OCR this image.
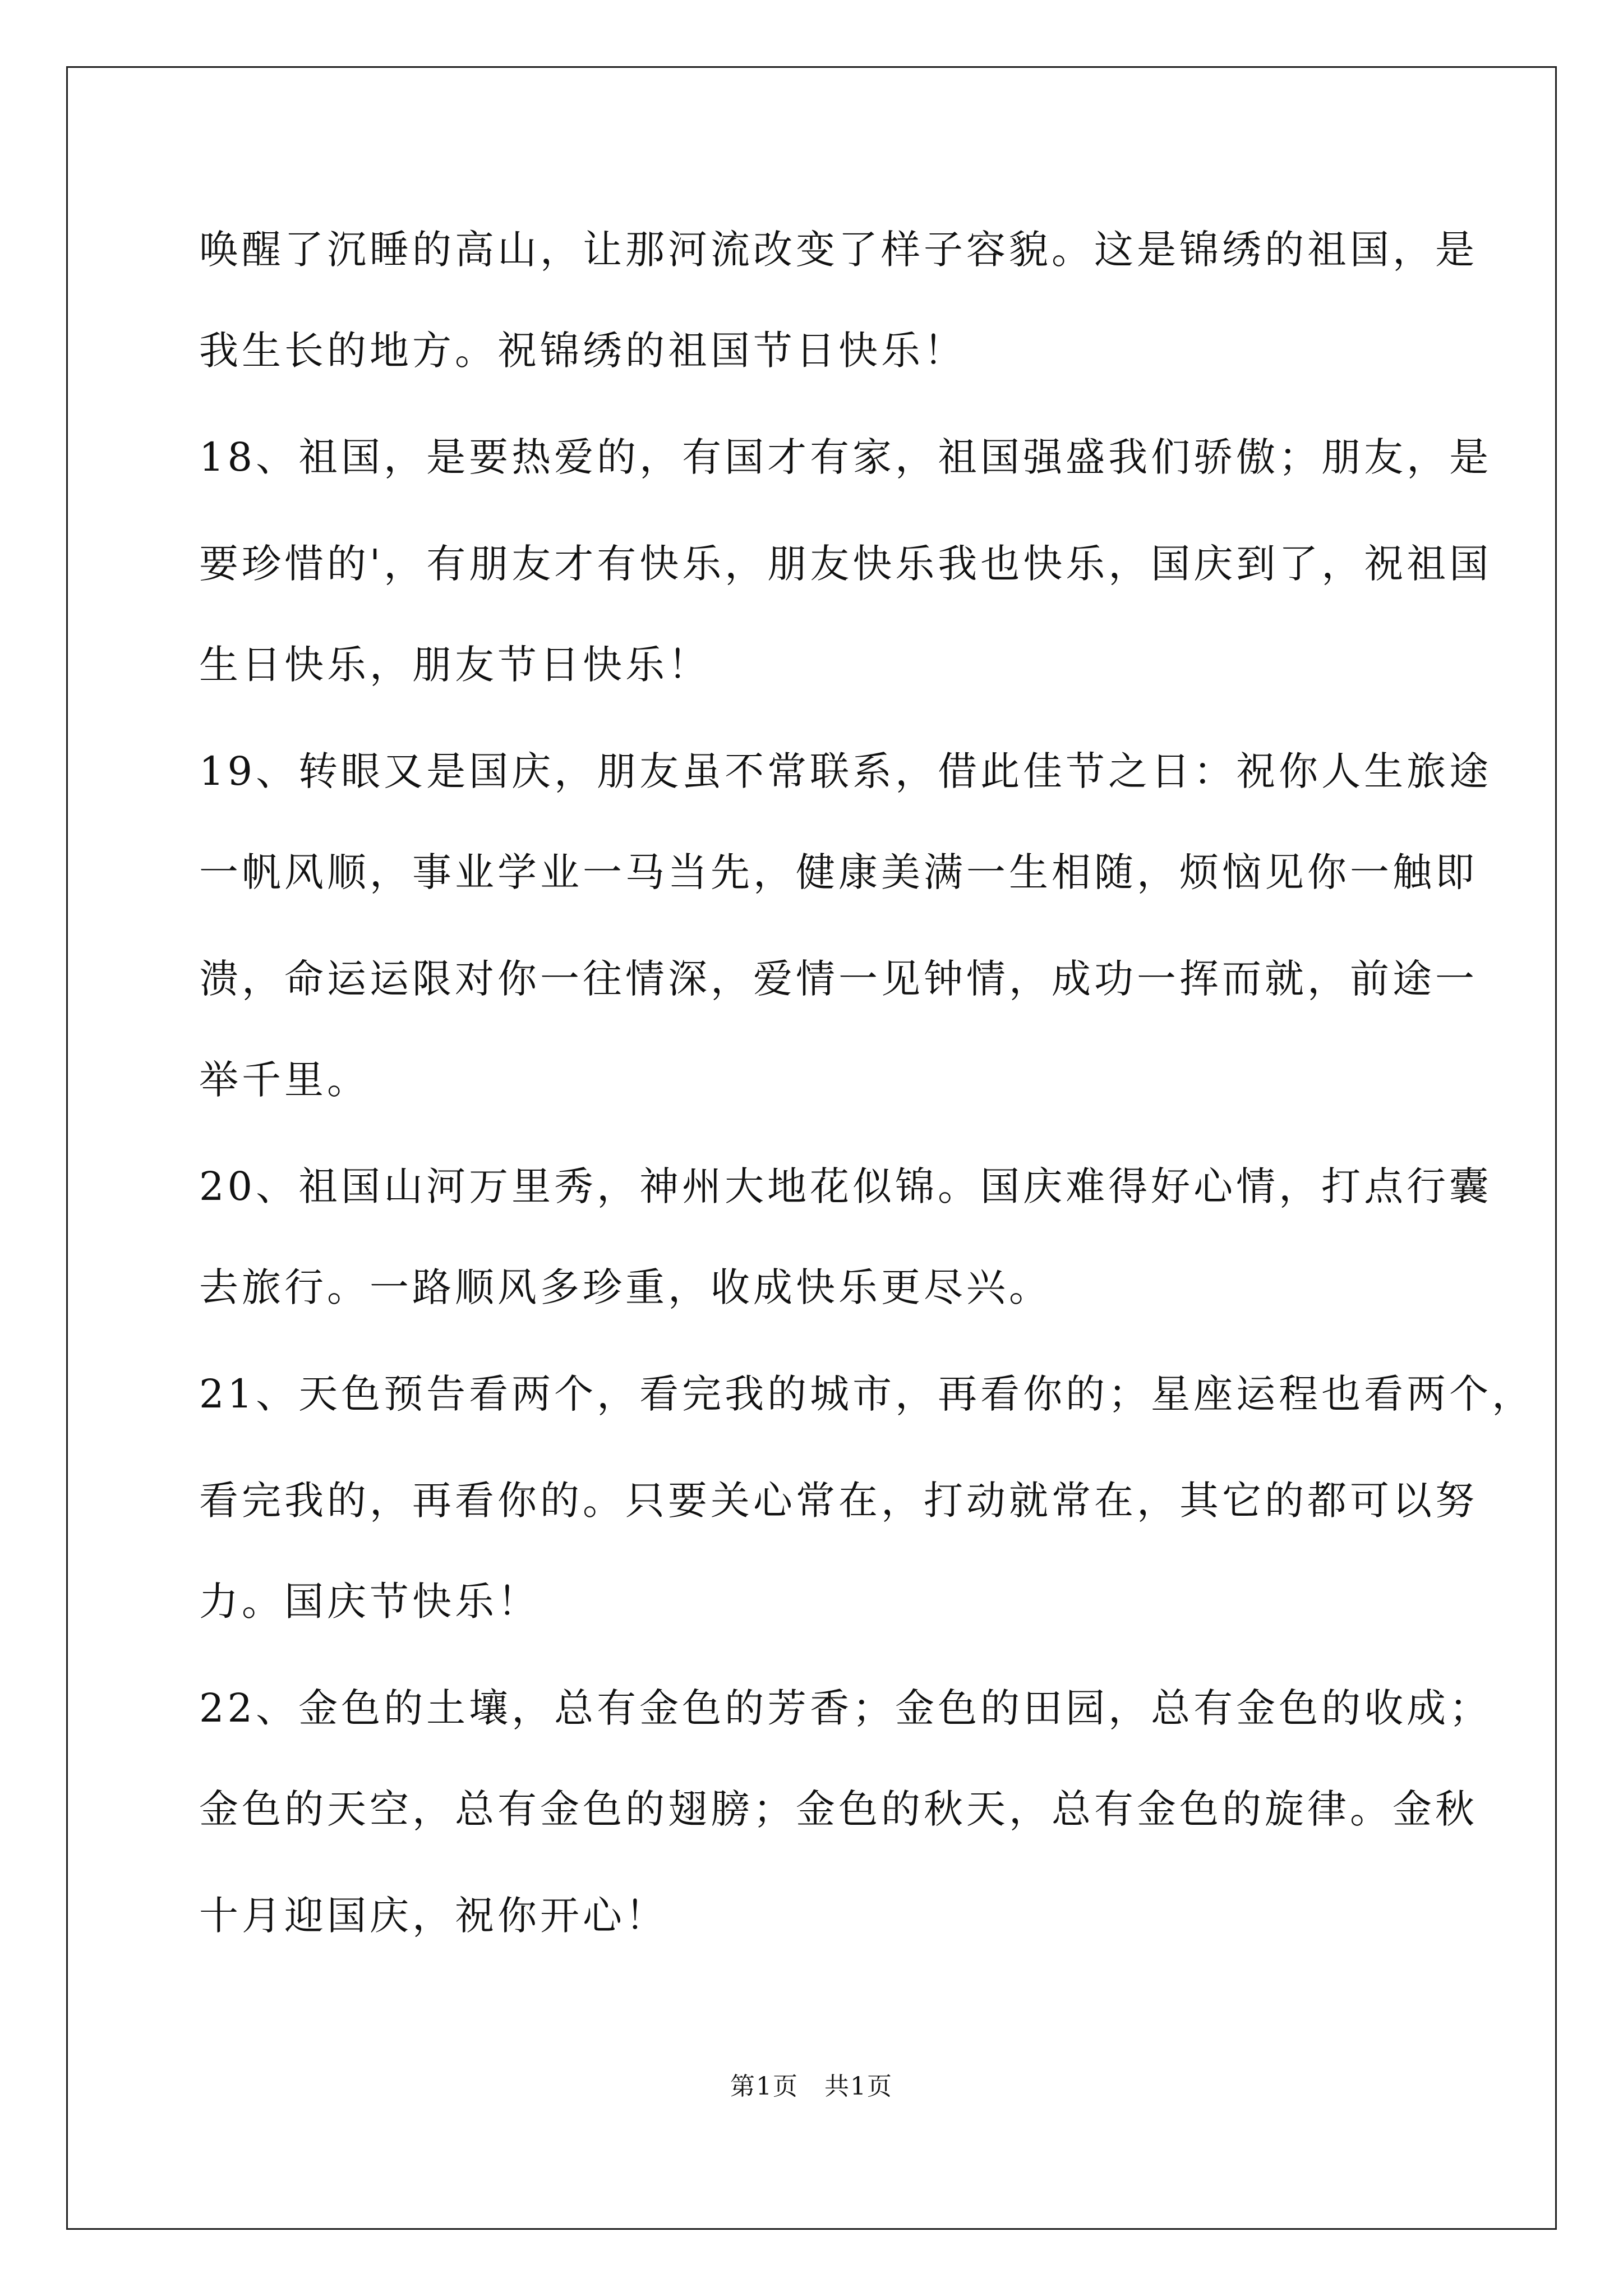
唤醒了沉睡的高山，让那河流改变了样子容貌。这是锦绣的祖国，是
我生长的地方。祝锦绣的祖国节日快乐！
18、祖国，是要热爱的，有国才有家，祖国强盛我们骄傲；朋友，是
要珍惜的'，有朋友才有快乐，朋友快乐我也快乐，国庆到了，祝祖国
生日快乐，朋友节日快乐！
19、转眼又是国庆，朋友虽不常联系，借此佳节之日：祝你人生旅途
一帆风顺，事业学业一马当先，健康美满一生相随，烦恼见你一触即
溃，命运运限对你一往情深，爱情一见钟情，成功一挥而就，前途一
举千里。
20、祖国山河万里秀，神州大地花似锦。国庆难得好心情，打点行囊
去旅行。一路顺风多珍重，收成快乐更尽兴。
21、天色预告看两个，看完我的城市，再看你的；星座运程也看两个，
看完我的，再看你的。只要关心常在，打动就常在，其它的都可以努
力。国庆节快乐！
22、金色的土壤，总有金色的芳香；金色的田园，总有金色的收成；
金色的天空，总有金色的翅膀；金色的秋天，总有金色的旋律。金秋
十月迎国庆，祝你开心！
第1页　共1页
